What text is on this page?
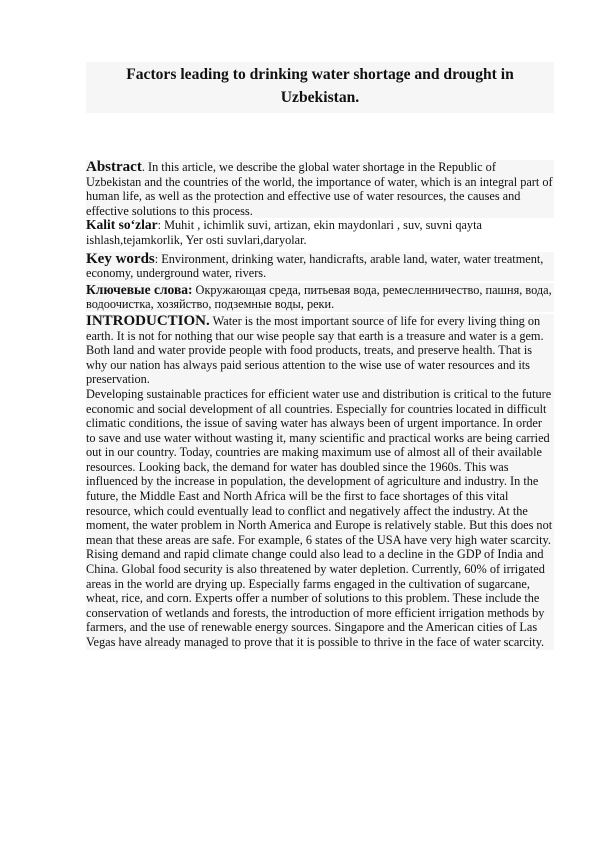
Factors leading to drinking water shortage and drought in Uzbekistan.

Abstract. In this article, we describe the global water shortage in the Republic of Uzbekistan and the countries of the world, the importance of water, which is an integral part of human life, as well as the protection and effective use of water resources, the causes and effective solutions to this process.

Kalit so‘zlar: Muhit , ichimlik suvi, artizan, ekin maydonlari , suv, suvni qayta ishlash,tejamkorlik, Yer osti suvlari,daryolar.

Key words: Environment, drinking water, handicrafts, arable land, water, water treatment, economy, underground water, rivers.

Ключевые слова: Окружающая среда, питьевая вода, ремесленничество, пашня, вода, водоочистка, хозяйство, подземные воды, реки.

INTRODUCTION. Water is the most important source of life for every living thing on earth. It is not for nothing that our wise people say that earth is a treasure and water is a gem. Both land and water provide people with food products, treats, and preserve health. That is why our nation has always paid serious attention to the wise use of water resources and its preservation.

Developing sustainable practices for efficient water use and distribution is critical to the future economic and social development of all countries. Especially for countries located in difficult climatic conditions, the issue of saving water has always been of urgent importance. In order to save and use water without wasting it, many scientific and practical works are being carried out in our country. Today, countries are making maximum use of almost all of their available resources. Looking back, the demand for water has doubled since the 1960s. This was influenced by the increase in population, the development of agriculture and industry. In the future, the Middle East and North Africa will be the first to face shortages of this vital resource, which could eventually lead to conflict and negatively affect the industry. At the moment, the water problem in North America and Europe is relatively stable. But this does not mean that these areas are safe. For example, 6 states of the USA have very high water scarcity. Rising demand and rapid climate change could also lead to a decline in the GDP of India and China. Global food security is also threatened by water depletion. Currently, 60% of irrigated areas in the world are drying up. Especially farms engaged in the cultivation of sugarcane, wheat, rice, and corn. Experts offer a number of solutions to this problem. These include the conservation of wetlands and forests, the introduction of more efficient irrigation methods by farmers, and the use of renewable energy sources. Singapore and the American cities of Las Vegas have already managed to prove that it is possible to thrive in the face of water scarcity.
